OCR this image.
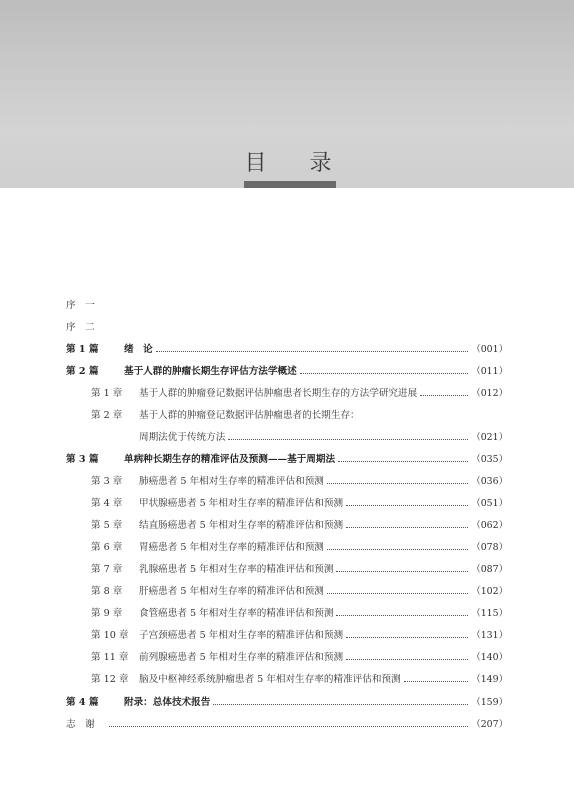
目 录
序　一
序　二
第 1 篇	绪　论	（001）
第 2 篇	基于人群的肿瘤长期生存评估方法学概述	（011）
第 1 章	基于人群的肿瘤登记数据评估肿瘤患者长期生存的方法学研究进展	（012）
第 2 章	基于人群的肿瘤登记数据评估肿瘤患者的长期生存：
周期法优于传统方法	（021）
第 3 篇	单病种长期生存的精准评估及预测——基于周期法	（035）
第 3 章	肺癌患者 5 年相对生存率的精准评估和预测	（036）
第 4 章	甲状腺癌患者 5 年相对生存率的精准评估和预测	（051）
第 5 章	结直肠癌患者 5 年相对生存率的精准评估和预测	（062）
第 6 章	胃癌患者 5 年相对生存率的精准评估和预测	（078）
第 7 章	乳腺癌患者 5 年相对生存率的精准评估和预测	（087）
第 8 章	肝癌患者 5 年相对生存率的精准评估和预测	（102）
第 9 章	食管癌患者 5 年相对生存率的精准评估和预测	（115）
第 10 章	子宫颈癌患者 5 年相对生存率的精准评估和预测	（131）
第 11 章	前列腺癌患者 5 年相对生存率的精准评估和预测	（140）
第 12 章	脑及中枢神经系统肿瘤患者 5 年相对生存率的精准评估和预测	（149）
第 4 篇	附录：总体技术报告	（159）
志　谢	（207）
